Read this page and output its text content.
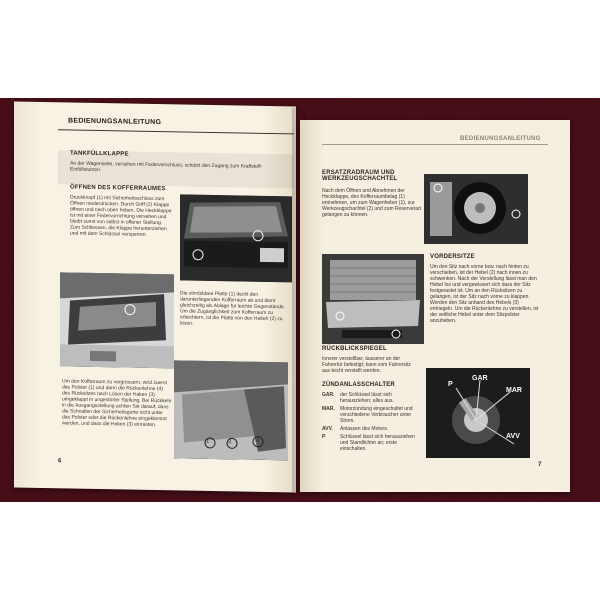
BEDIENUNGSANLEITUNG
TANKFÜLLKLAPPE
An der Wagenseite, versehen mit Federverschluss; schützt den Zugang zum Kraftstoff-Einfüllstutzen.
ÖFFNEN DES KOFFERRAUMES
Druckknopf (1) mit Sicherheitsschloss zum Öffnen niederdrücken. Durch Griff (2) Klappe öffnen und nach oben heben. Die Heckklappe ist mit einer Federvorrichtung versehen und bleibt somit von selbst in offener Stellung. Zum Schliessen, die Klappe herunterziehen und mit dem Schlüssel versperren.
Die stirnbildare Platte (1) deckt den darunterliegenden Kofferraum ab und dient gleichzeitig als Ablage für leichte Gegenstände. Um die Zugänglichkeit zum Kofferraum zu erleichtern, ist die Platte von den Halteh (2) zu lösen.
Um den Kofferraum zu vergrössern, wird zuerst das Polster (1) und dann die Rückenlehne (4) des Rücksitzes nach Lösen der Haken (3) umgeklappt in ungestörter Stellung. Bei Rückkehr in die Ausgangsstellung achten Sie darauf, dass die Schnallen der Sicherheitsgurte nicht unter das Polster oder die Rückenlehne eingeklemmt werden, und dass die Haken (3) einrasten.
1	3	4
6
BEDIENUNGSANLEITUNG
ERSATZRADRAUM UND WERKZEUGSCHACHTEL
Nach dem Öffnen und Abnehmen der Heckklappe, des Kofferraumbelag (1) entnehmen, um zum Wagenheber (1), zur Werkzeugschachtel (2) und zum Reserverad gelangen zu können.
VORDERSITZE
Um den Sitz nach vorne bzw. nach hinten zu verschieben, ist der Hebel (2) nach innen zu schwenken. Nach der Verstellung lässt man den Hebel los und vergewissert sich dass der Sitz festgerastet ist. Um an den Rücksitzen zu gelangen, ist der Sitz nach vorne zu klappen. Werden den Sitz anhand des Hebels (3) entriegeln. Um die Rückenlehne zu verstellen, ist der seitliche Hebel unter dem Sitzpolster anzuheben.
RÜCKBLICKSPIEGEL
Innerer verstellbar; äusserer an der Fahrertür befestigt; kann vom Fahrersitz aus leicht verstellt werden.
ZÜNDANLASSCHALTER
GAR.	der Schlüssel lässt sich herausziehen; alles aus.
MAR.	Motorzündung eingeschaltet und verschiedene Verbraucher unter Strom.
AVV.	Anlassen des Motors.
P	Schlüssel lässt sich herausziehen und Standlichter an; erste einschalten.
P
GAR
MAR
AVV
7
